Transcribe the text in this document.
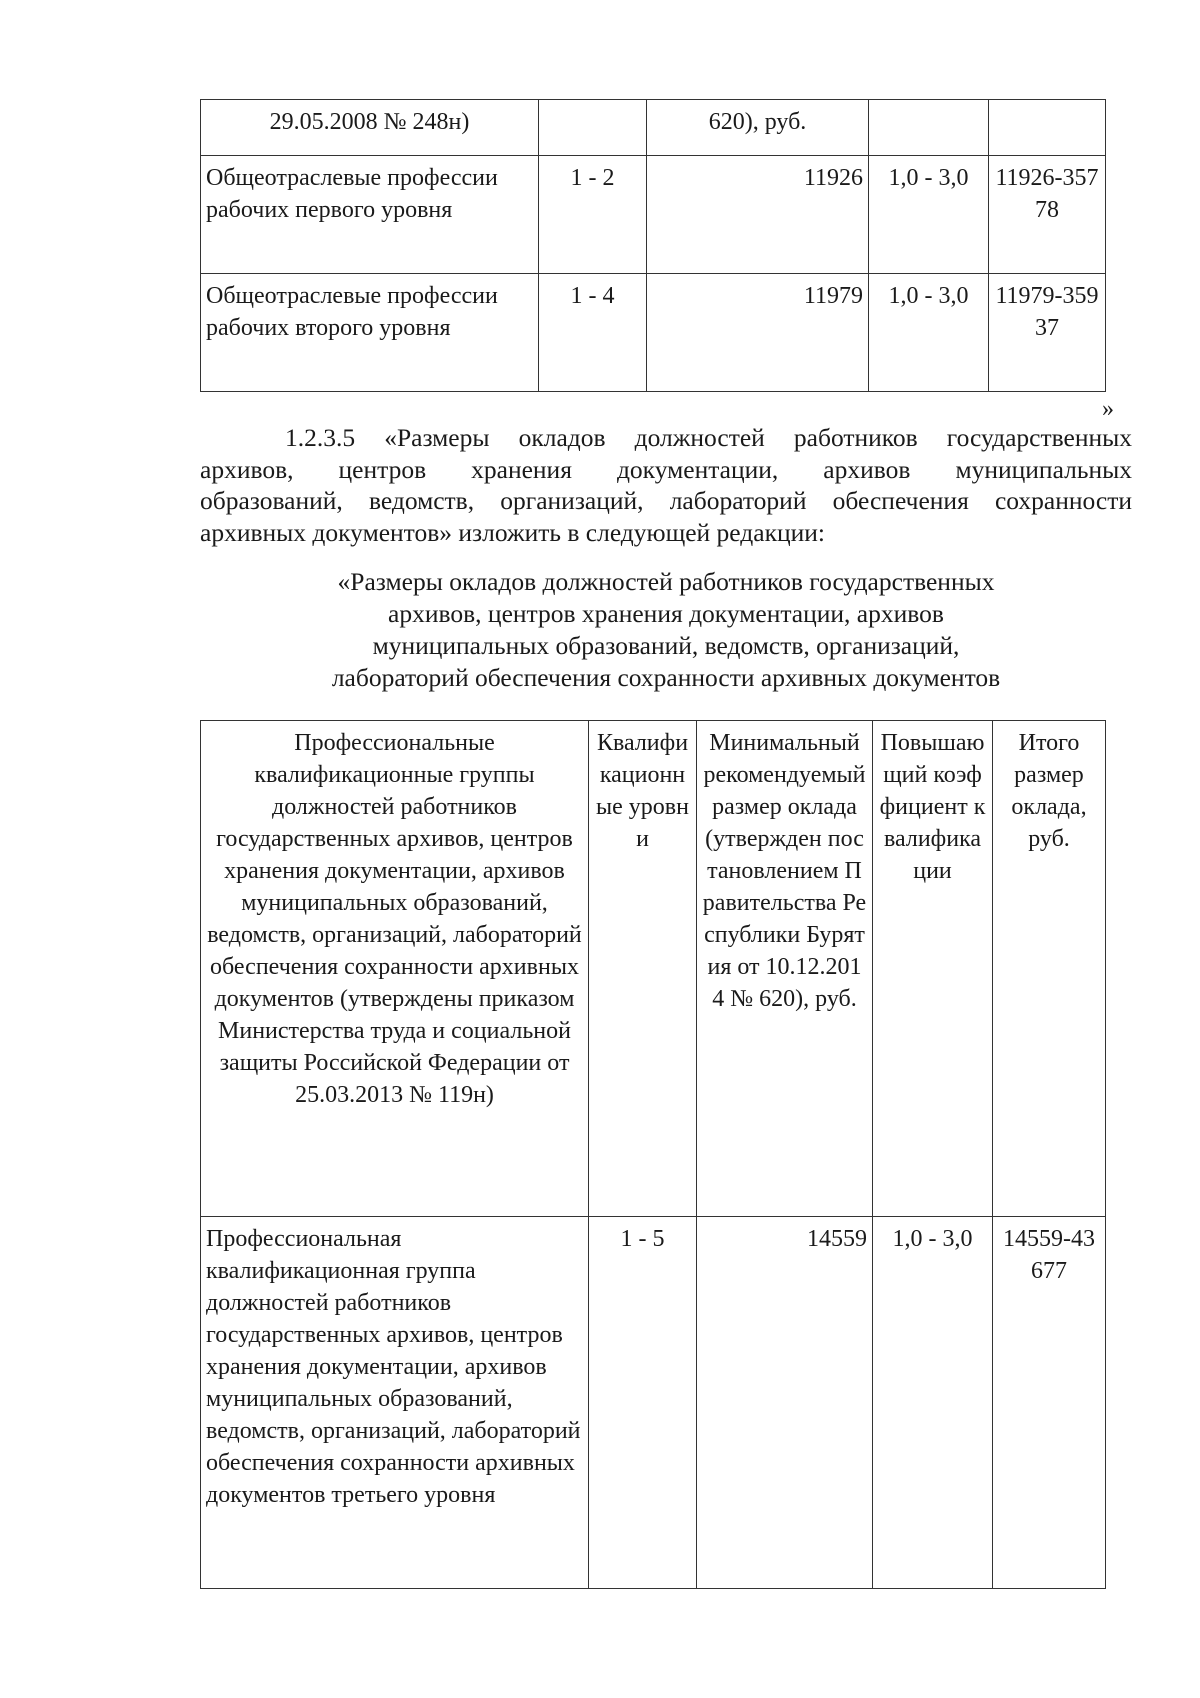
29.05.2008 № 248н)		620), руб.		
Общеотраслевые профессии рабочих первого уровня	1 - 2	11926	1,0 - 3,0	11926-35778
Общеотраслевые профессии рабочих второго уровня	1 - 4	11979	1,0 - 3,0	11979-35937
»
1.2.3.5 «Размеры окладов должностей работников государственных
архивов, центров хранения документации, архивов муниципальных
образований, ведомств, организаций, лабораторий обеспечения сохранности
архивных документов» изложить в следующей редакции:
«Размеры окладов должностей работников государственных
архивов, центров хранения документации, архивов
муниципальных образований, ведомств, организаций,
лабораторий обеспечения сохранности архивных документов
Профессиональные квалификационные группы должностей работников государственных архивов, центров хранения документации, архивов муниципальных образований, ведомств, организаций, лабораторий обеспечения сохранности архивных документов (утверждены приказом Министерства труда и социальной защиты Российской Федерации от 25.03.2013 № 119н)	Квалификационные уровни	Минимальный рекомендуемый размер оклада (утвержден постановлением Правительства Республики Бурятия от 10.12.2014 № 620), руб.	Повышающий коэффициент квалификации	Итого размер оклада, руб.
Профессиональная квалификационная группа должностей работников государственных архивов, центров хранения документации, архивов муниципальных образований, ведомств, организаций, лабораторий обеспечения сохранности архивных документов третьего уровня	1 - 5	14559	1,0 - 3,0	14559-43677
